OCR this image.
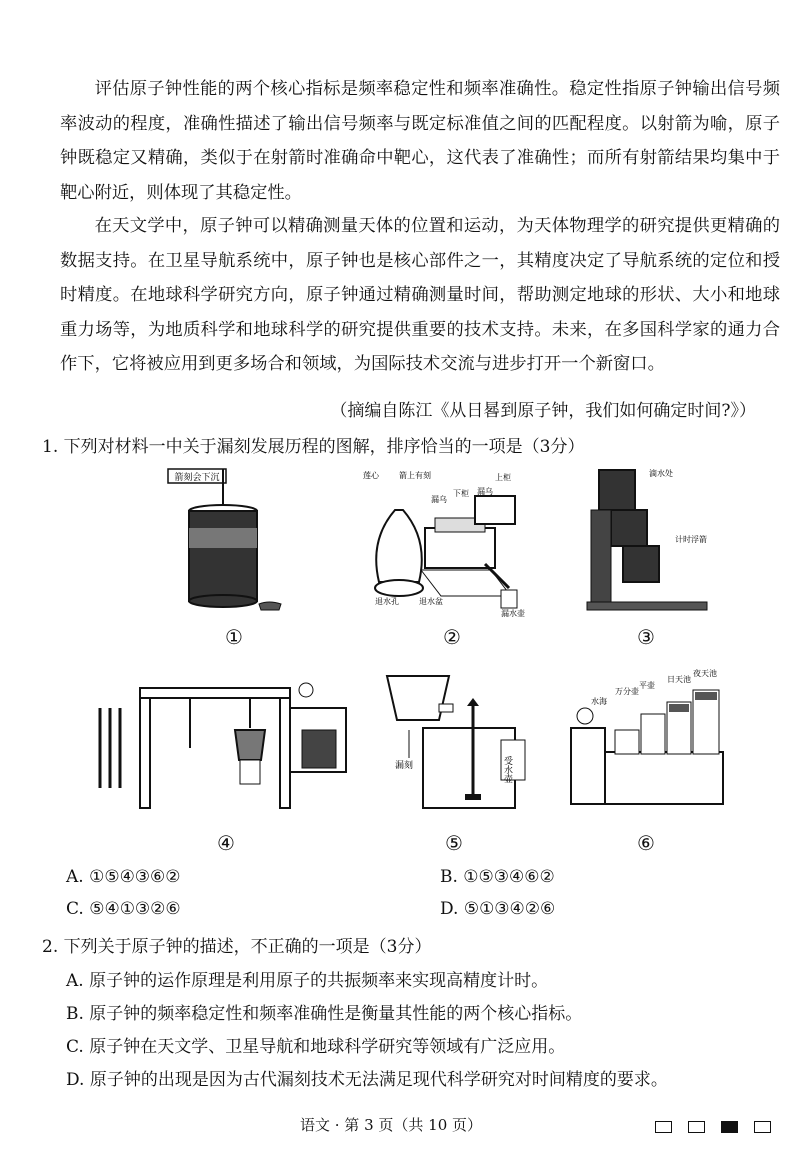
评估原子钟性能的两个核心指标是频率稳定性和频率准确性。稳定性指原子钟输出信号频率波动的程度，准确性描述了输出信号频率与既定标准值之间的匹配程度。以射箭为喻，原子钟既稳定又精确，类似于在射箭时准确命中靶心，这代表了准确性；而所有射箭结果均集中于靶心附近，则体现了其稳定性。

在天文学中，原子钟可以精确测量天体的位置和运动，为天体物理学的研究提供更精确的数据支持。在卫星导航系统中，原子钟也是核心部件之一，其精度决定了导航系统的定位和授时精度。在地球科学研究方向，原子钟通过精确测量时间，帮助测定地球的形状、大小和地球重力场等，为地质科学和地球科学的研究提供重要的技术支持。未来，在多国科学家的通力合作下，它将被应用到更多场合和领域，为国际技术交流与进步打开一个新窗口。

（摘编自陈江《从日晷到原子钟，我们如何确定时间?》）
1. 下列对材料一中关于漏刻发展历程的图解，排序恰当的一项是（3分）
箭刻会下沉	莲心	箭上有刻
漏乌
上柜
下柜 漏乌
退水孔	退水盆
漏水壶
滴水处
计时浮箭
①	②	③
漏刻	受水壶
水海
万分壶
平壶
日天池
夜天池
④	⑤	⑥
A. ①⑤④③⑥②	B. ①⑤③④⑥②
C. ⑤④①③②⑥	D. ⑤①③④②⑥
2. 下列关于原子钟的描述，不正确的一项是（3分）
A. 原子钟的运作原理是利用原子的共振频率来实现高精度计时。
B. 原子钟的频率稳定性和频率准确性是衡量其性能的两个核心指标。
C. 原子钟在天文学、卫星导航和地球科学研究等领域有广泛应用。
D. 原子钟的出现是因为古代漏刻技术无法满足现代科学研究对时间精度的要求。
语文 · 第 3 页（共 10 页）
